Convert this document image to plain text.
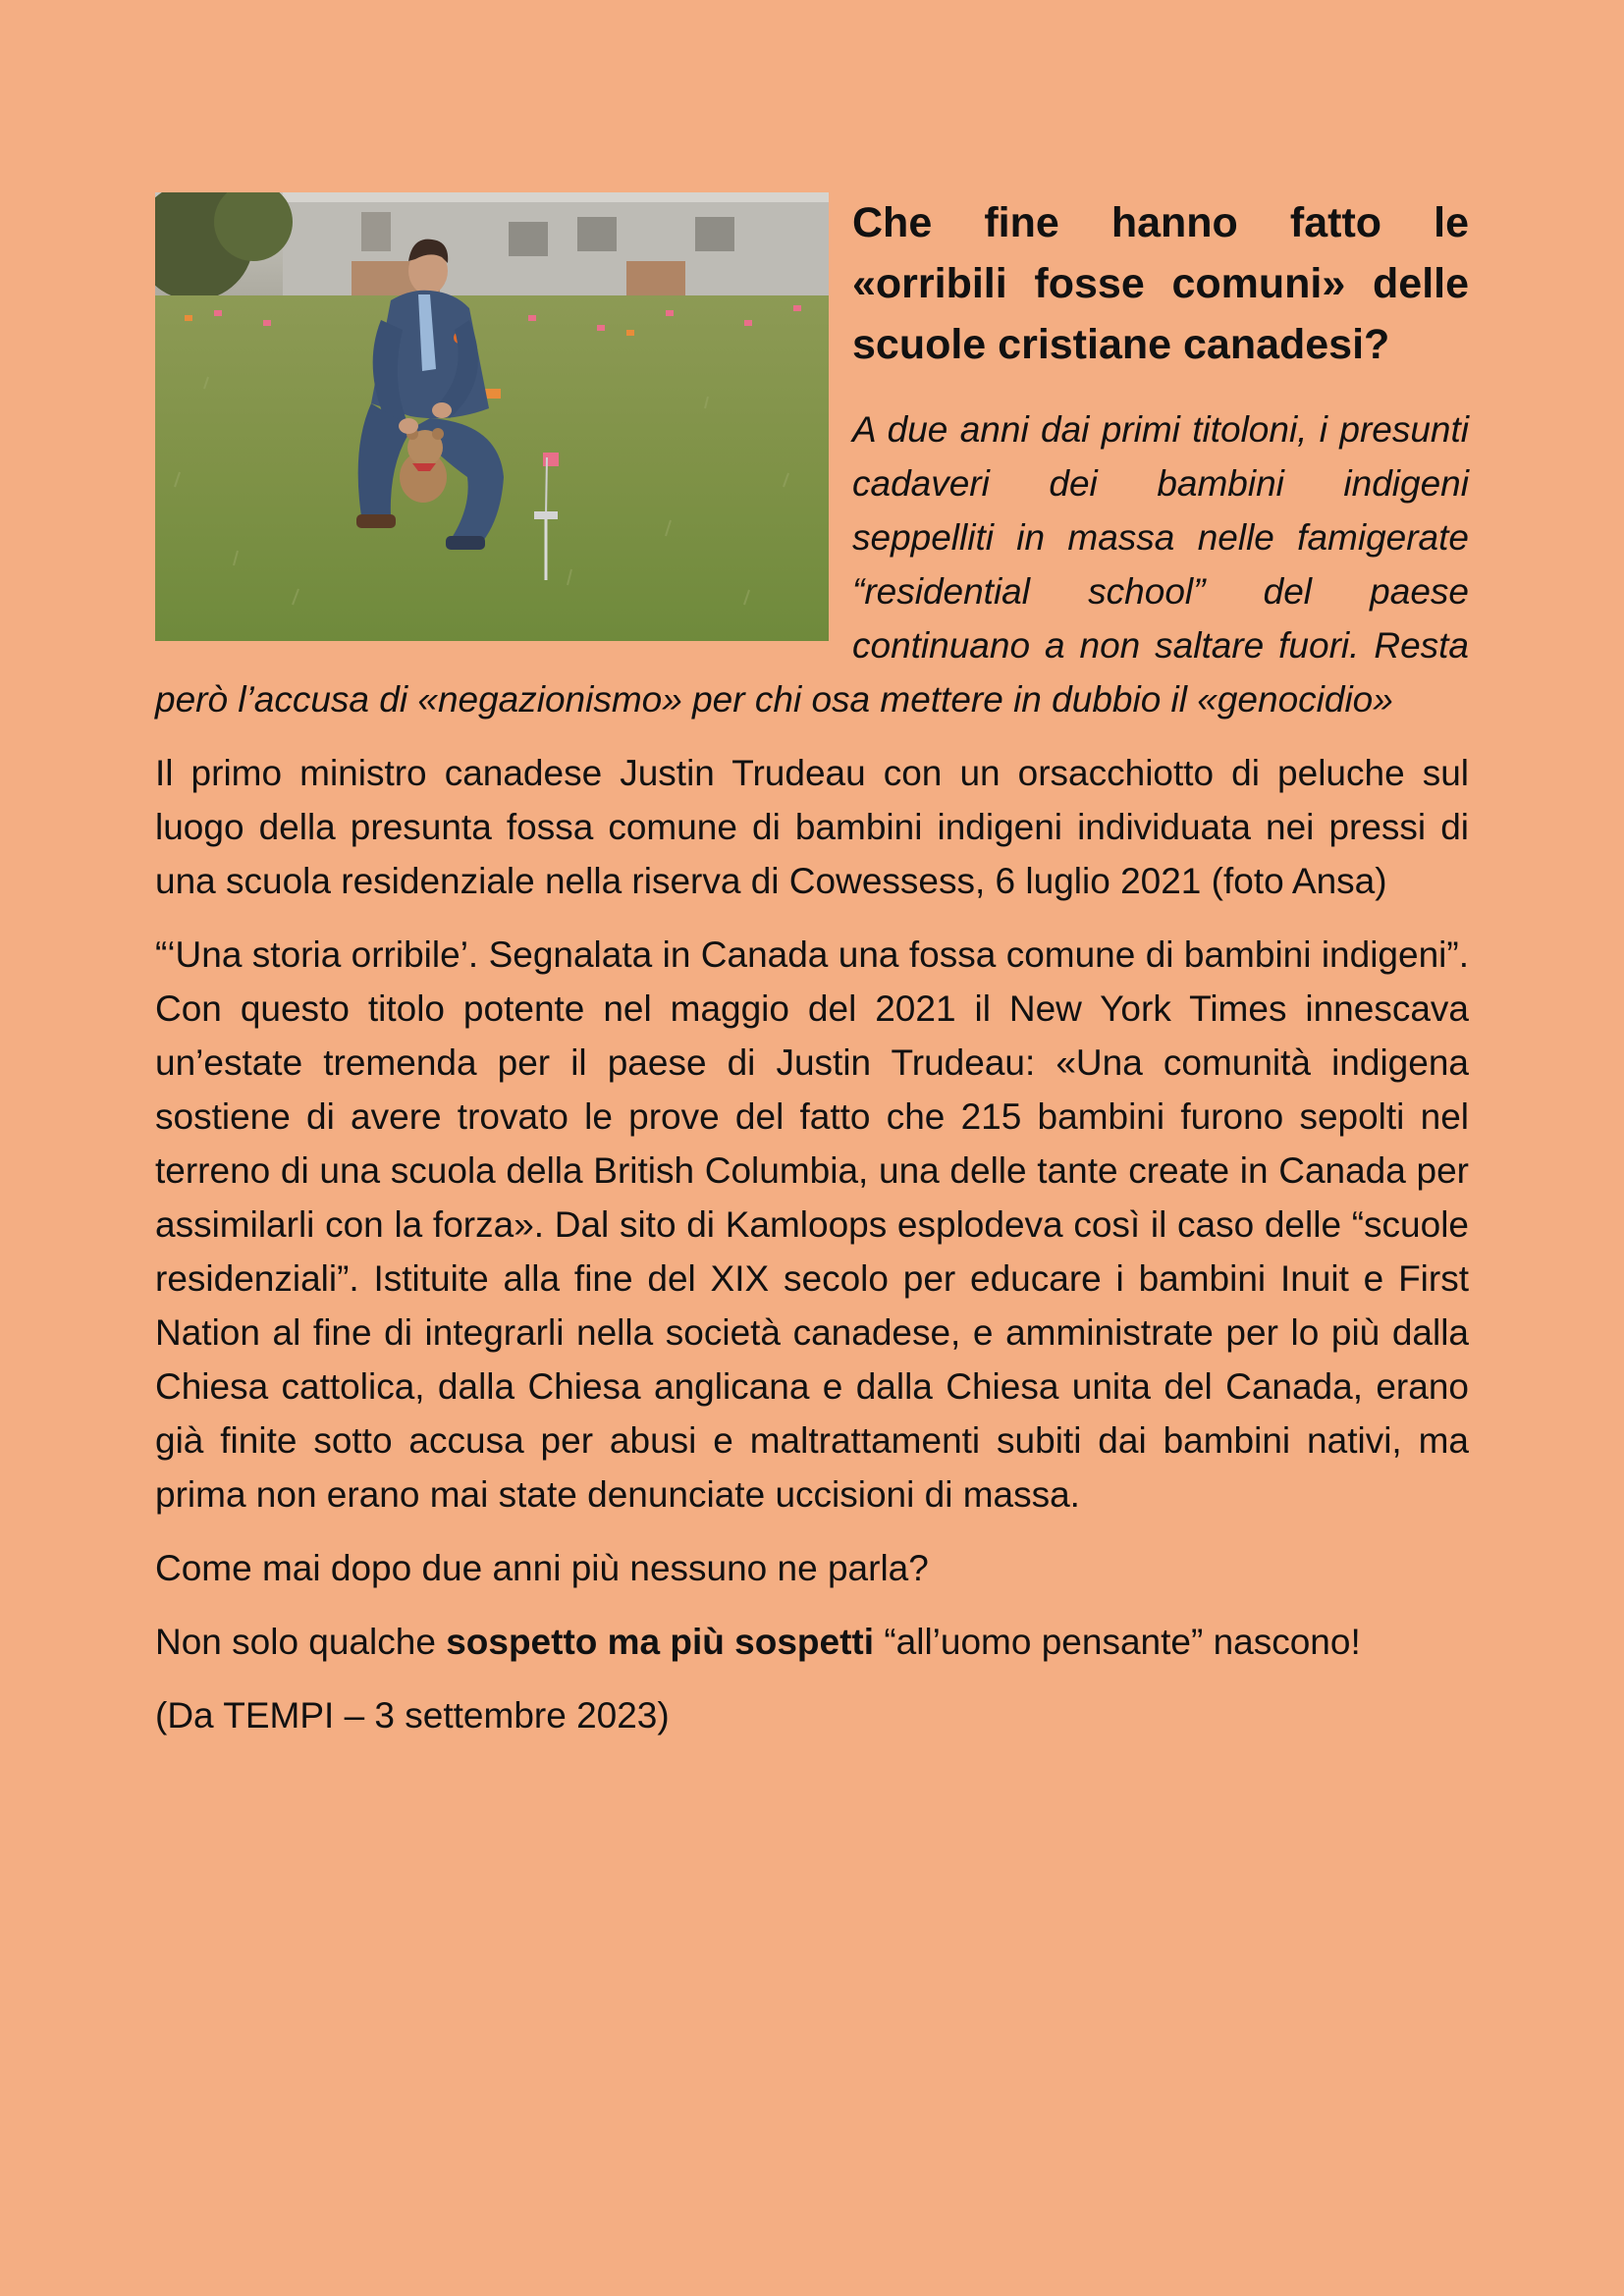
Che fine hanno fatto le «orribili fosse comuni» delle scuole cristiane canadesi?
A due anni dai primi titoloni, i presunti cadaveri dei bambini indigeni seppelliti in massa nelle famigerate “residential school” del paese continuano a non saltare fuori. Resta però l’accusa di «negazionismo» per chi osa mettere in dubbio il «genocidio»
Il primo ministro canadese Justin Trudeau con un orsacchiotto di peluche sul luogo della presunta fossa comune di bambini indigeni individuata nei pressi di una scuola residenziale nella riserva di Cowessess, 6 luglio 2021 (foto Ansa)
“‘Una storia orribile’. Segnalata in Canada una fossa comune di bambini indigeni”. Con questo titolo potente nel maggio del 2021 il New York Times innescava un’estate tremenda per il paese di Justin Trudeau: «Una comunità indigena sostiene di avere trovato le prove del fatto che 215 bambini furono sepolti nel terreno di una scuola della British Columbia, una delle tante create in Canada per assimilarli con la forza». Dal sito di Kamloops esplodeva così il caso delle “scuole residenziali”. Istituite alla fine del XIX secolo per educare i bambini Inuit e First Nation al fine di integrarli nella società canadese, e amministrate per lo più dalla Chiesa cattolica, dalla Chiesa anglicana e dalla Chiesa unita del Canada, erano già finite sotto accusa per abusi e maltrattamenti subiti dai bambini nativi, ma prima non erano mai state denunciate uccisioni di massa.
Come mai dopo due anni più nessuno ne parla?
Non solo qualche sospetto ma più sospetti “all’uomo pensante” nascono!
(Da TEMPI – 3 settembre 2023)
